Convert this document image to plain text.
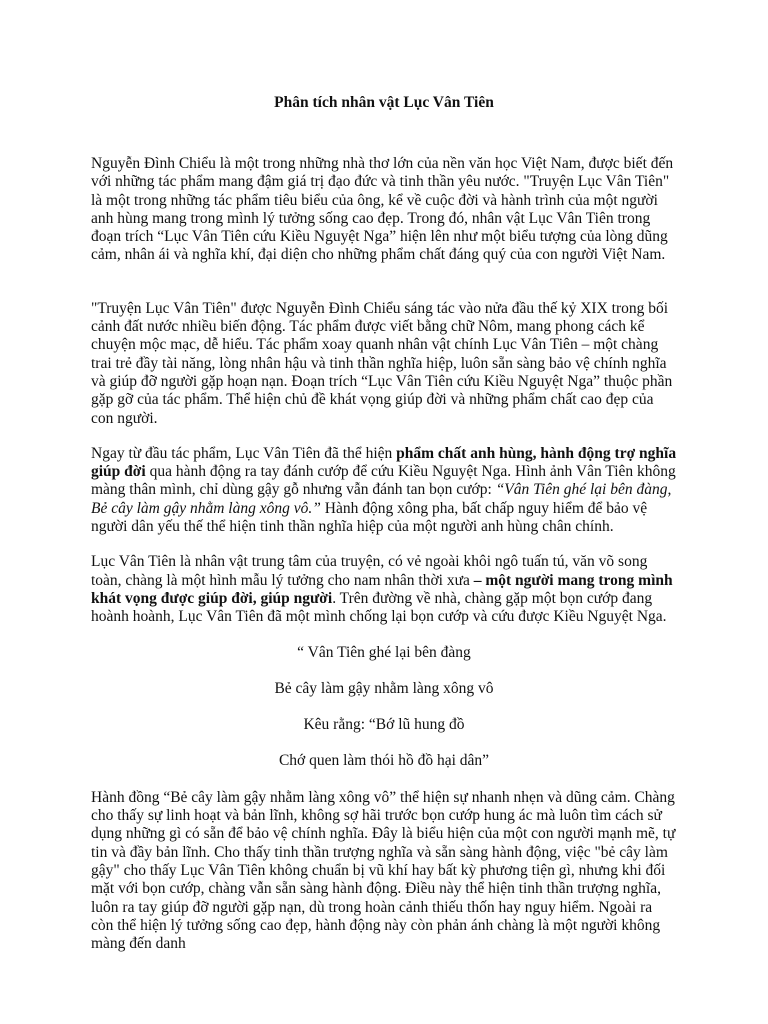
Phân tích nhân vật Lục Vân Tiên

Nguyễn Đình Chiểu là một trong những nhà thơ lớn của nền văn học Việt Nam, được biết đến với những tác phẩm mang đậm giá trị đạo đức và tinh thần yêu nước. "Truyện Lục Vân Tiên" là một trong những tác phẩm tiêu biểu của ông, kể về cuộc đời và hành trình của một người anh hùng mang trong mình lý tưởng sống cao đẹp. Trong đó, nhân vật Lục Vân Tiên trong đoạn trích “Lục Vân Tiên cứu Kiều Nguyệt Nga” hiện lên như một biểu tượng của lòng dũng cảm, nhân ái và nghĩa khí, đại diện cho những phẩm chất đáng quý của con người Việt Nam.

"Truyện Lục Vân Tiên" được Nguyễn Đình Chiểu sáng tác vào nửa đầu thế kỷ XIX trong bối cảnh đất nước nhiều biến động. Tác phẩm được viết bằng chữ Nôm, mang phong cách kể chuyện mộc mạc, dễ hiểu. Tác phẩm xoay quanh nhân vật chính Lục Vân Tiên – một chàng trai trẻ đầy tài năng, lòng nhân hậu và tinh thần nghĩa hiệp, luôn sẵn sàng bảo vệ chính nghĩa và giúp đỡ người gặp hoạn nạn. Đoạn trích “Lục Vân Tiên cứu Kiều Nguyệt Nga” thuộc phần gặp gỡ của tác phẩm. Thể hiện chủ đề khát vọng giúp đời và những phẩm chất cao đẹp của con người.

Ngay từ đầu tác phẩm, Lục Vân Tiên đã thể hiện phẩm chất anh hùng, hành động trợ nghĩa giúp đời qua hành động ra tay đánh cướp để cứu Kiều Nguyệt Nga. Hình ảnh Vân Tiên không màng thân mình, chỉ dùng gậy gỗ nhưng vẫn đánh tan bọn cướp: “Vân Tiên ghé lại bên đàng, Bẻ cây làm gậy nhằm làng xông vô.” Hành động xông pha, bất chấp nguy hiểm để bảo vệ người dân yếu thế thể hiện tinh thần nghĩa hiệp của một người anh hùng chân chính.

Lục Vân Tiên là nhân vật trung tâm của truyện, có vẻ ngoài khôi ngô tuấn tú, văn võ song toàn, chàng là một hình mẫu lý tưởng cho nam nhân thời xưa – một người mang trong mình khát vọng được giúp đời, giúp người. Trên đường về nhà, chàng gặp một bọn cướp đang hoành hoành, Lục Vân Tiên đã một mình chống lại bọn cướp và cứu được Kiều Nguyệt Nga.

“ Vân Tiên ghé lại bên đàng

Bẻ cây làm gậy nhằm làng xông vô

Kêu rằng: “Bớ lũ hung đồ

Chớ quen làm thói hồ đồ hại dân”

Hành đồng “Bẻ cây làm gậy nhằm làng xông vô” thể hiện sự nhanh nhẹn và dũng cảm. Chàng cho thấy sự linh hoạt và bản lĩnh, không sợ hãi trước bọn cướp hung ác mà luôn tìm cách sử dụng những gì có sẵn để bảo vệ chính nghĩa. Đây là biểu hiện của một con người mạnh mẽ, tự tin và đầy bản lĩnh. Cho thấy tinh thần trượng nghĩa và sẵn sàng hành động, việc "bẻ cây làm gậy" cho thấy Lục Vân Tiên không chuẩn bị vũ khí hay bất kỳ phương tiện gì, nhưng khi đối mặt với bọn cướp, chàng vẫn sẵn sàng hành động. Điều này thể hiện tinh thần trượng nghĩa, luôn ra tay giúp đỡ người gặp nạn, dù trong hoàn cảnh thiếu thốn hay nguy hiểm. Ngoài ra còn thể hiện lý tưởng sống cao đẹp, hành động này còn phản ánh chàng là một người không màng đến danh
